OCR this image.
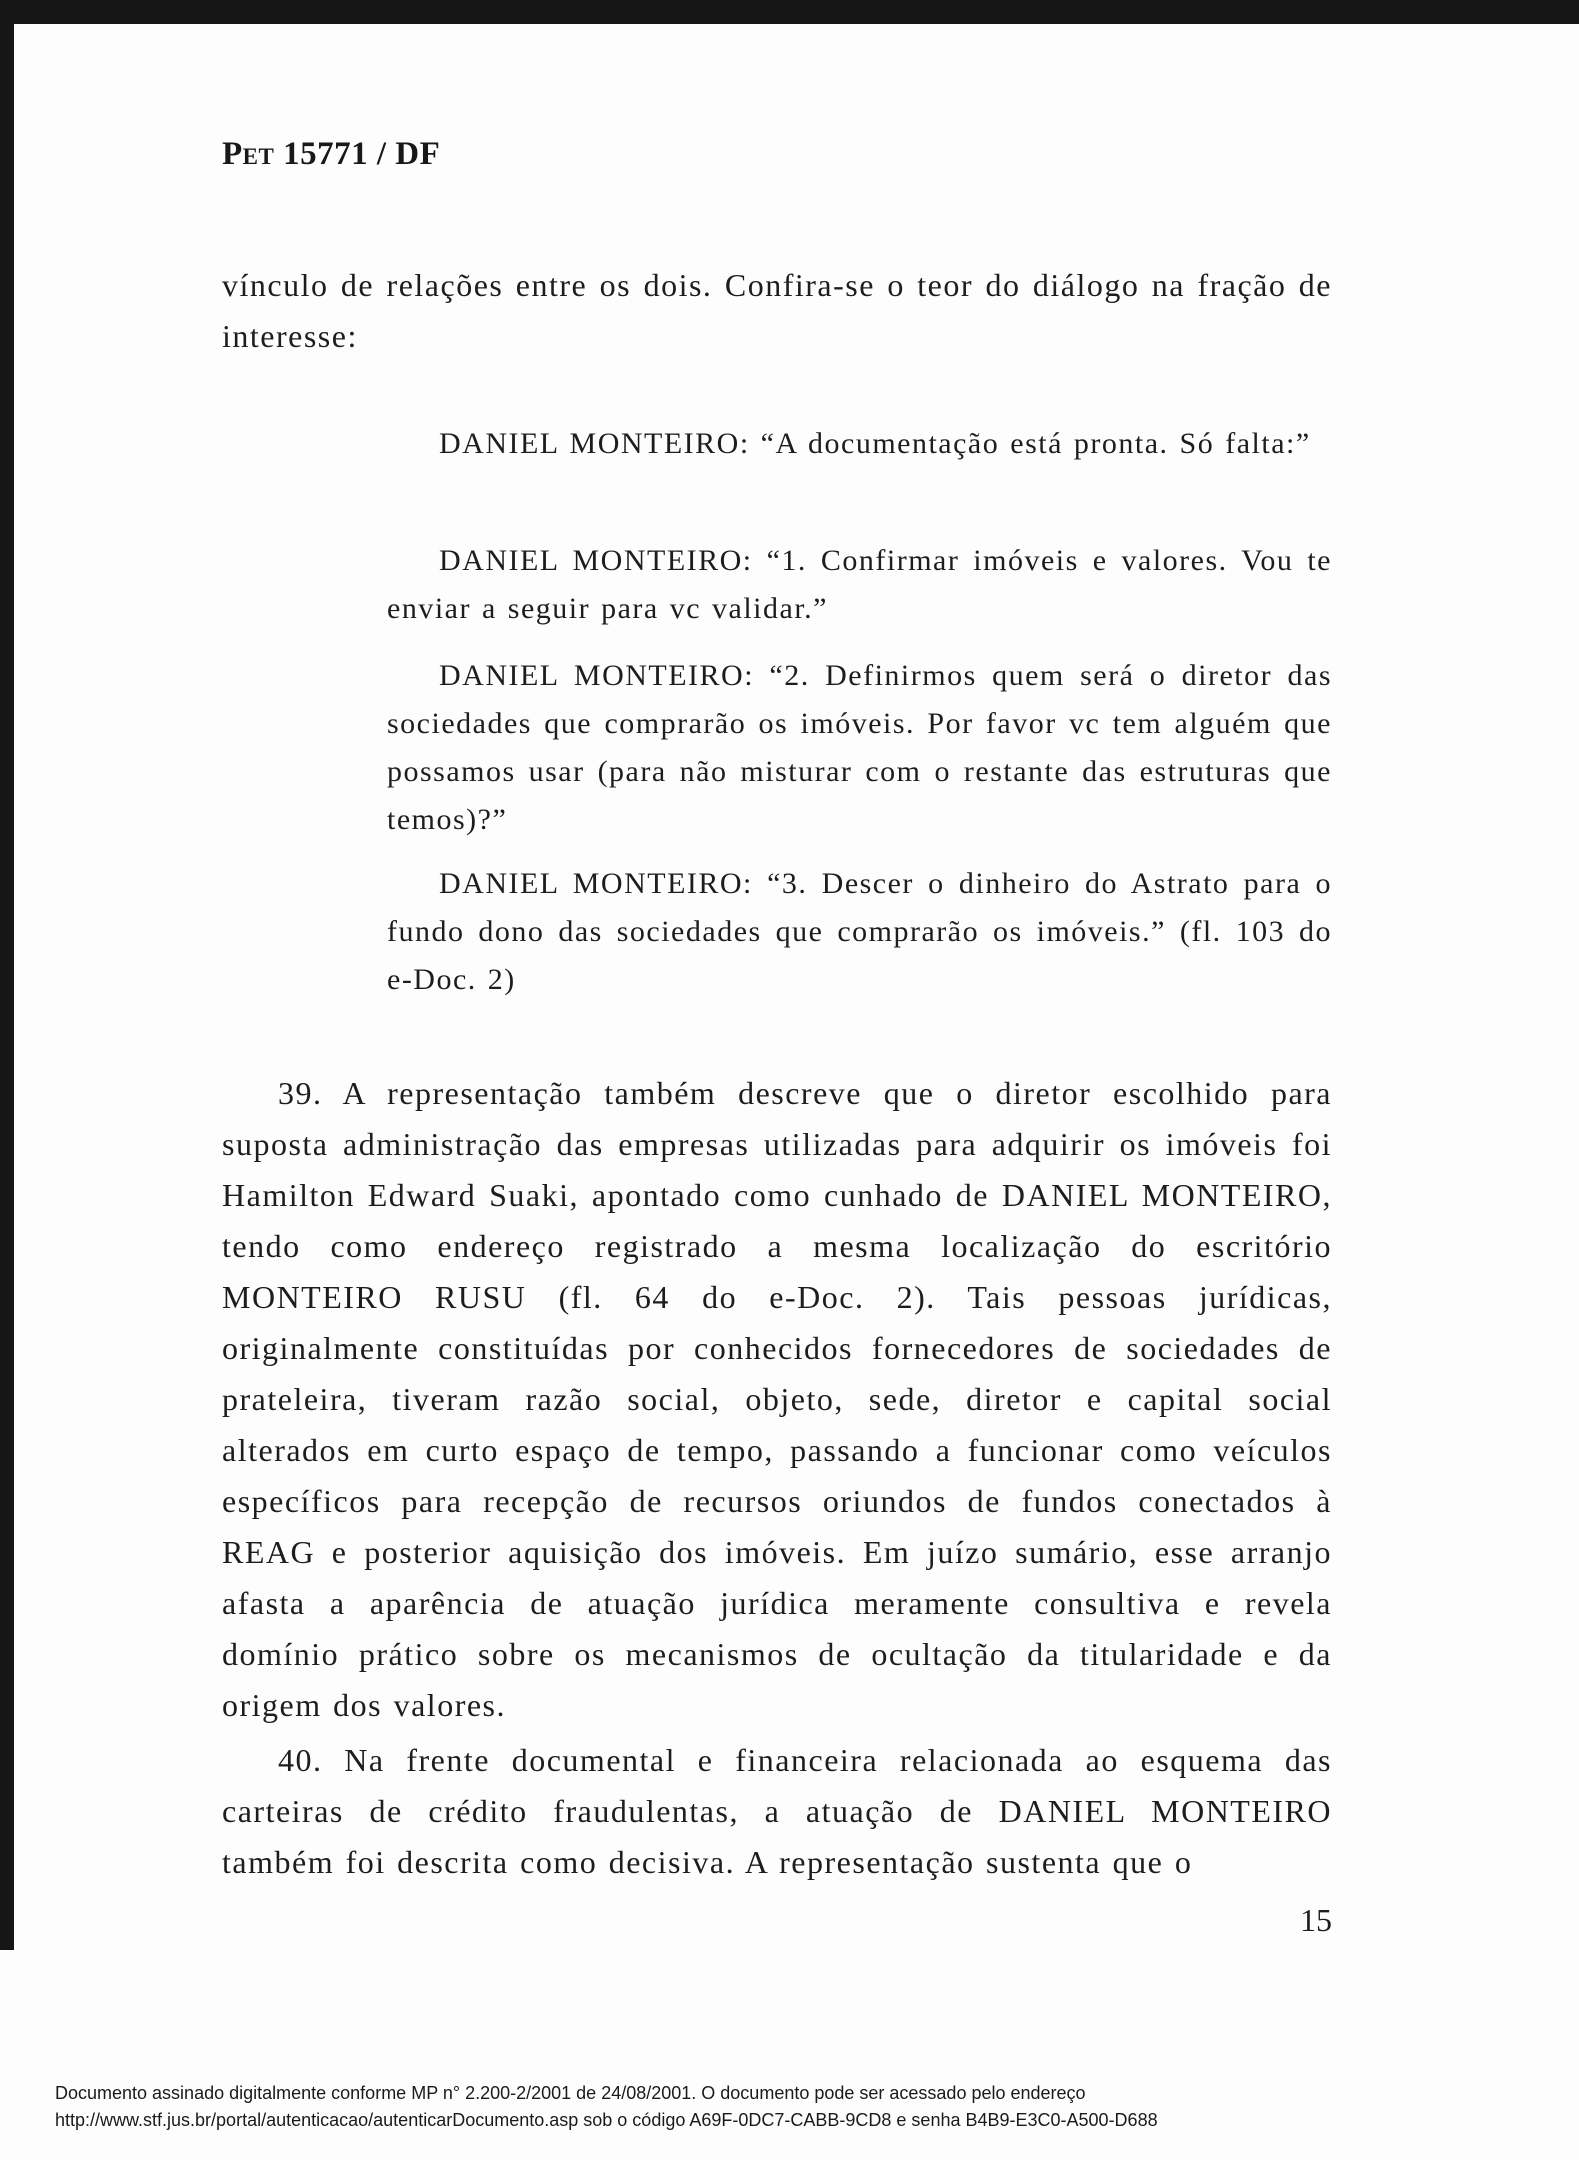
Pet 15771 / DF
vínculo de relações entre os dois. Confira-se o teor do diálogo na fração de interesse:
DANIEL MONTEIRO: “A documentação está pronta. Só falta:”
DANIEL MONTEIRO: “1. Confirmar imóveis e valores. Vou te enviar a seguir para vc validar.”
DANIEL MONTEIRO: “2. Definirmos quem será o diretor das sociedades que comprarão os imóveis. Por favor vc tem alguém que possamos usar (para não misturar com o restante das estruturas que temos)?”
DANIEL MONTEIRO: “3. Descer o dinheiro do Astrato para o fundo dono das sociedades que comprarão os imóveis.” (fl. 103 do e-Doc. 2)
39. A representação também descreve que o diretor escolhido para suposta administração das empresas utilizadas para adquirir os imóveis foi Hamilton Edward Suaki, apontado como cunhado de DANIEL MONTEIRO, tendo como endereço registrado a mesma localização do escritório MONTEIRO RUSU (fl. 64 do e-Doc. 2). Tais pessoas jurídicas, originalmente constituídas por conhecidos fornecedores de sociedades de prateleira, tiveram razão social, objeto, sede, diretor e capital social alterados em curto espaço de tempo, passando a funcionar como veículos específicos para recepção de recursos oriundos de fundos conectados à REAG e posterior aquisição dos imóveis. Em juízo sumário, esse arranjo afasta a aparência de atuação jurídica meramente consultiva e revela domínio prático sobre os mecanismos de ocultação da titularidade e da origem dos valores.
40. Na frente documental e financeira relacionada ao esquema das carteiras de crédito fraudulentas, a atuação de DANIEL MONTEIRO também foi descrita como decisiva. A representação sustenta que o
15
Documento assinado digitalmente conforme MP n° 2.200-2/2001 de 24/08/2001. O documento pode ser acessado pelo endereço
http://www.stf.jus.br/portal/autenticacao/autenticarDocumento.asp sob o código A69F-0DC7-CABB-9CD8 e senha B4B9-E3C0-A500-D688
